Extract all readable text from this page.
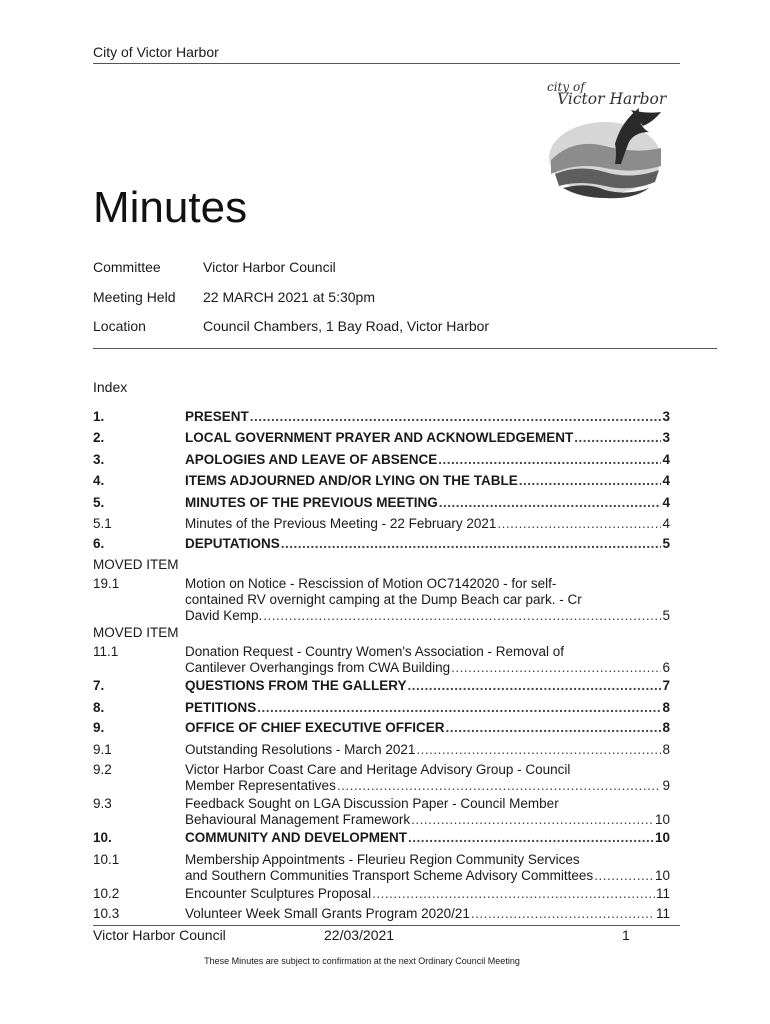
City of Victor Harbor
city of
Victor Harbor
Minutes
Committee	Victor Harbor Council
Meeting Held 22 MARCH 2021 at 5:30pm
Location	Council Chambers, 1 Bay Road, Victor Harbor
Index
MOVED ITEM
MOVED ITEM
1.	PRESENT .....	3
2.	LOCAL GOVERNMENT PRAYER AND ACKNOWLEDGEMENT .....	3
3.	APOLOGIES AND LEAVE OF ABSENCE .....	4
4.	ITEMS ADJOURNED AND/OR LYING ON THE TABLE .....	4
5.	MINUTES OF THE PREVIOUS MEETING .....	4
5.1	Minutes of the Previous Meeting - 22 February 2021 .....	4
6.	DEPUTATIONS .....	5
19.1	Motion on Notice - Rescission of Motion OC7142020 - for self-
contained RV overnight camping at the Dump Beach car park. - Cr
David Kemp. .....	5
11.1	Donation Request - Country Women's Association - Removal of
Cantilever Overhangings from CWA Building .....	6
7.	QUESTIONS FROM THE GALLERY .....	7
8.	PETITIONS .....	8
9.	OFFICE OF CHIEF EXECUTIVE OFFICER .....	8
9.1	Outstanding Resolutions - March 2021 .....	8
9.2	Victor Harbor Coast Care and Heritage Advisory Group - Council
Member Representatives .....	9
9.3	Feedback Sought on LGA Discussion Paper - Council Member
Behavioural Management Framework .....	10
10.	COMMUNITY AND DEVELOPMENT .....	10
10.1	Membership Appointments - Fleurieu Region Community Services
and Southern Communities Transport Scheme Advisory Committees .....	10
10.2	Encounter Sculptures Proposal .....	11
10.3	Volunteer Week Small Grants Program 2020/21 .....	11
Victor Harbor Council	22/03/2021	1
These Minutes are subject to confirmation at the next Ordinary Council Meeting
